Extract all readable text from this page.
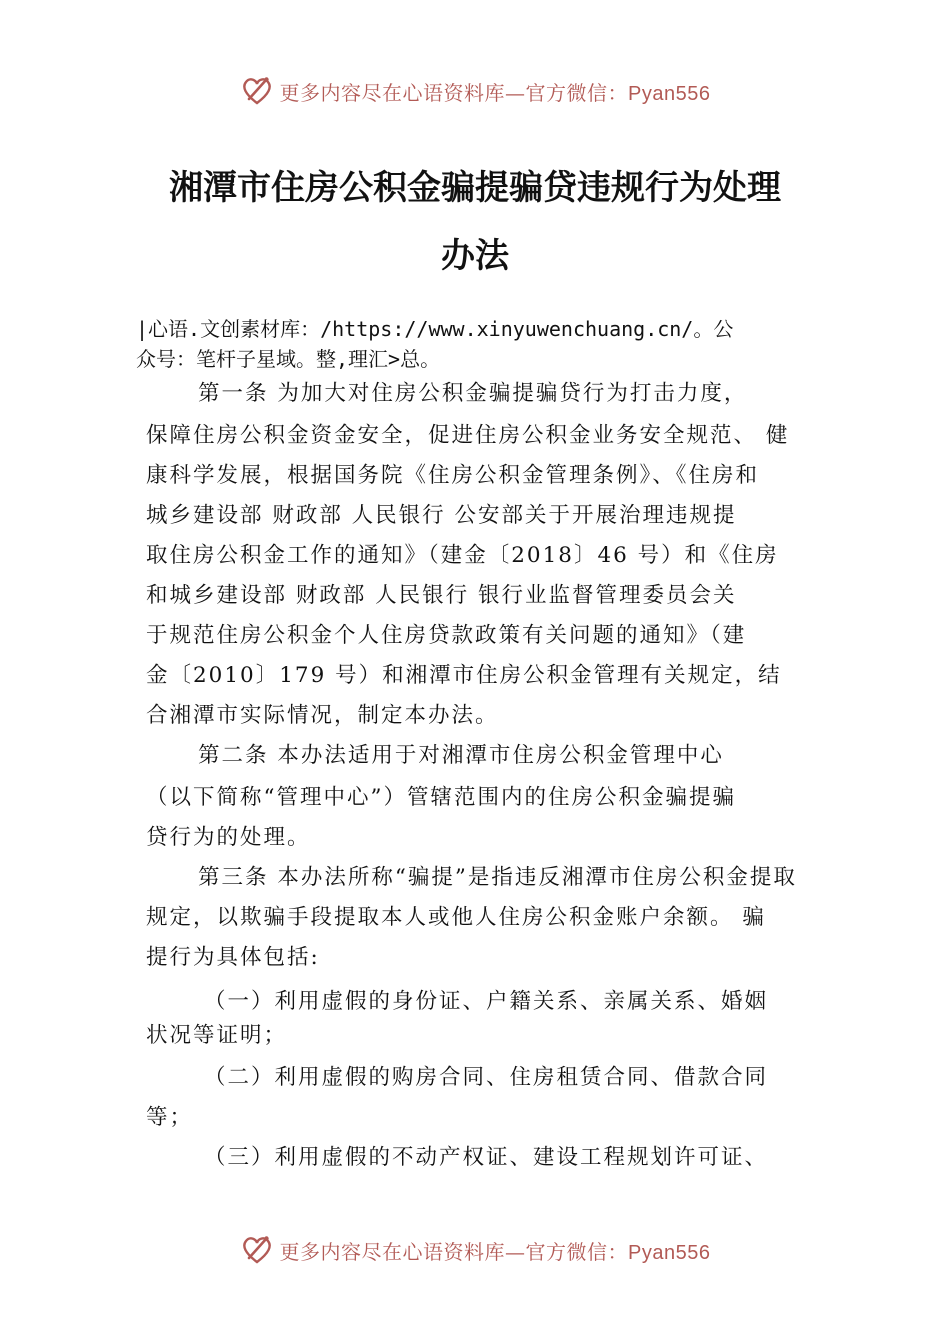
更多内容尽在心语资料库—官方微信：Pyan556
湘潭市住房公积金骗提骗贷违规行为处理
办法
|心语.文创素材库：/https://www.xinyuwenchuang.cn/。公
众号：笔杆子星域。整,理汇>总。
第一条 为加大对住房公积金骗提骗贷行为打击力度，
保障住房公积金资金安全，促进住房公积金业务安全规范、 健
康科学发展，根据国务院《住房公积金管理条例》、《住房和
城乡建设部 财政部 人民银行 公安部关于开展治理违规提
取住房公积金工作的通知》（建金〔2018〕46 号）和《住房
和城乡建设部 财政部 人民银行 银行业监督管理委员会关
于规范住房公积金个人住房贷款政策有关问题的通知》（建
金〔2010〕179 号）和湘潭市住房公积金管理有关规定，结
合湘潭市实际情况，制定本办法。
第二条 本办法适用于对湘潭市住房公积金管理中心
（以下简称“管理中心”）管辖范围内的住房公积金骗提骗
贷行为的处理。
第三条 本办法所称“骗提”是指违反湘潭市住房公积金提取
规定，以欺骗手段提取本人或他人住房公积金账户余额。 骗
提行为具体包括:
（一）利用虚假的身份证、户籍关系、亲属关系、婚姻
状况等证明；
（二）利用虚假的购房合同、住房租赁合同、借款合同
等；
（三）利用虚假的不动产权证、建设工程规划许可证、
更多内容尽在心语资料库—官方微信：Pyan556
